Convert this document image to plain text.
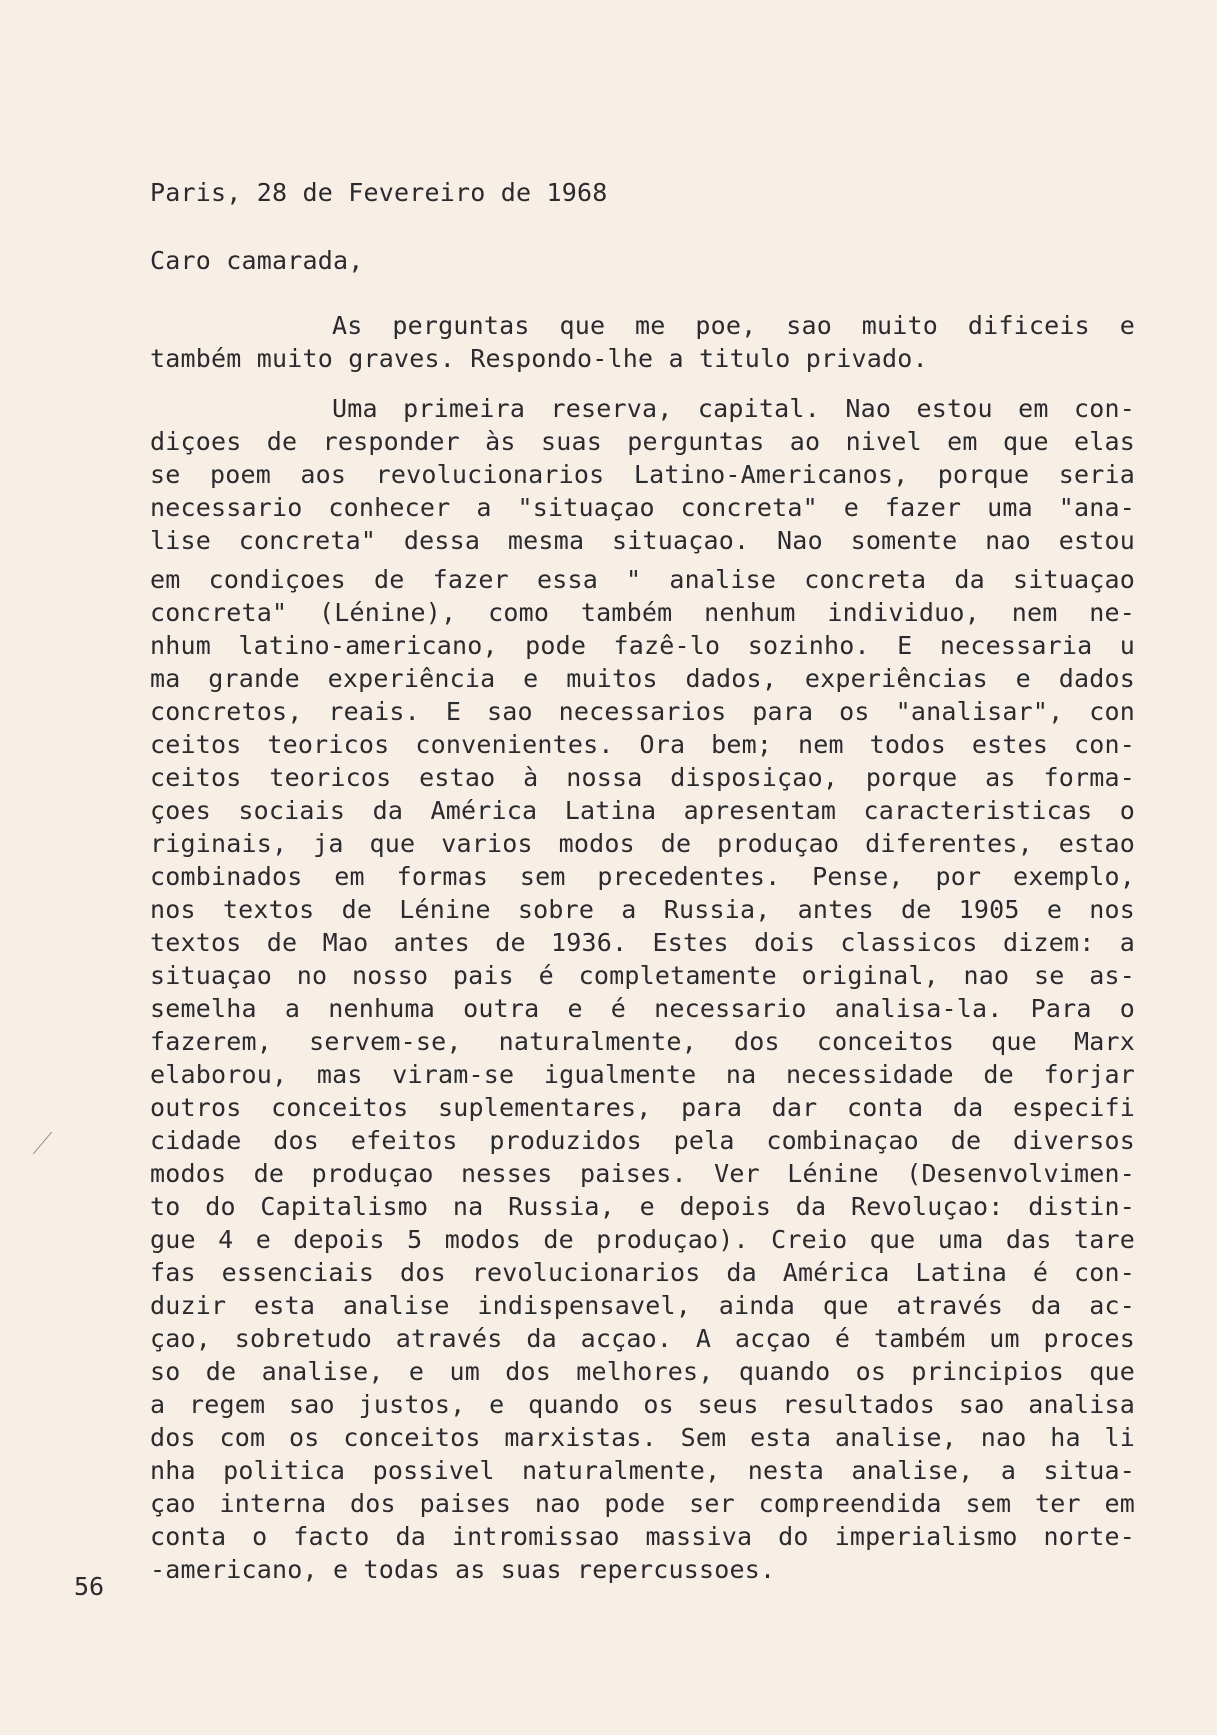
Paris, 28 de Fevereiro de 1968
Caro camarada,
As perguntas que me poe, sao muito dificeis e
também muito graves. Respondo-lhe a titulo privado.
Uma primeira reserva, capital. Nao estou em con-
diçoes de responder às suas perguntas ao nivel em que elas
se poem aos revolucionarios Latino-Americanos, porque seria
necessario conhecer a "situaçao concreta" e fazer uma "ana-
lise concreta" dessa mesma situaçao. Nao somente nao estou
em condiçoes de fazer essa " analise concreta da situaçao
concreta" (Lénine), como também nenhum individuo, nem ne-
nhum latino-americano, pode fazê-lo sozinho. E necessaria u
ma grande experiência e muitos dados, experiências e dados
concretos, reais. E sao necessarios para os "analisar", con
ceitos teoricos convenientes. Ora bem; nem todos estes con-
ceitos teoricos estao à nossa disposiçao, porque as forma-
çoes sociais da América Latina apresentam caracteristicas o
riginais, ja que varios modos de produçao diferentes, estao
combinados em formas sem precedentes. Pense, por exemplo,
nos textos de Lénine sobre a Russia, antes de 1905 e nos
textos de Mao antes de 1936. Estes dois classicos dizem: a
situaçao no nosso pais é completamente original, nao se as-
semelha a nenhuma outra e é necessario analisa-la. Para o
fazerem, servem-se, naturalmente, dos conceitos que Marx
elaborou, mas viram-se igualmente na necessidade de forjar
outros conceitos suplementares, para dar conta da especifi
cidade dos efeitos produzidos pela combinaçao de diversos
modos de produçao nesses paises. Ver Lénine (Desenvolvimen-
to do Capitalismo na Russia, e depois da Revoluçao: distin-
gue 4 e depois 5 modos de produçao). Creio que uma das tare
fas essenciais dos revolucionarios da América Latina é con-
duzir esta analise indispensavel, ainda que através da ac-
çao, sobretudo através da acçao. A acçao é também um proces
so de analise, e um dos melhores, quando os principios que
a regem sao justos, e quando os seus resultados sao analisa
dos com os conceitos marxistas. Sem esta analise, nao ha li
nha politica possivel naturalmente, nesta analise, a situa-
çao interna dos paises nao pode ser compreendida sem ter em
conta o facto da intromissao massiva do imperialismo norte-
-americano, e todas as suas repercussoes.
56
